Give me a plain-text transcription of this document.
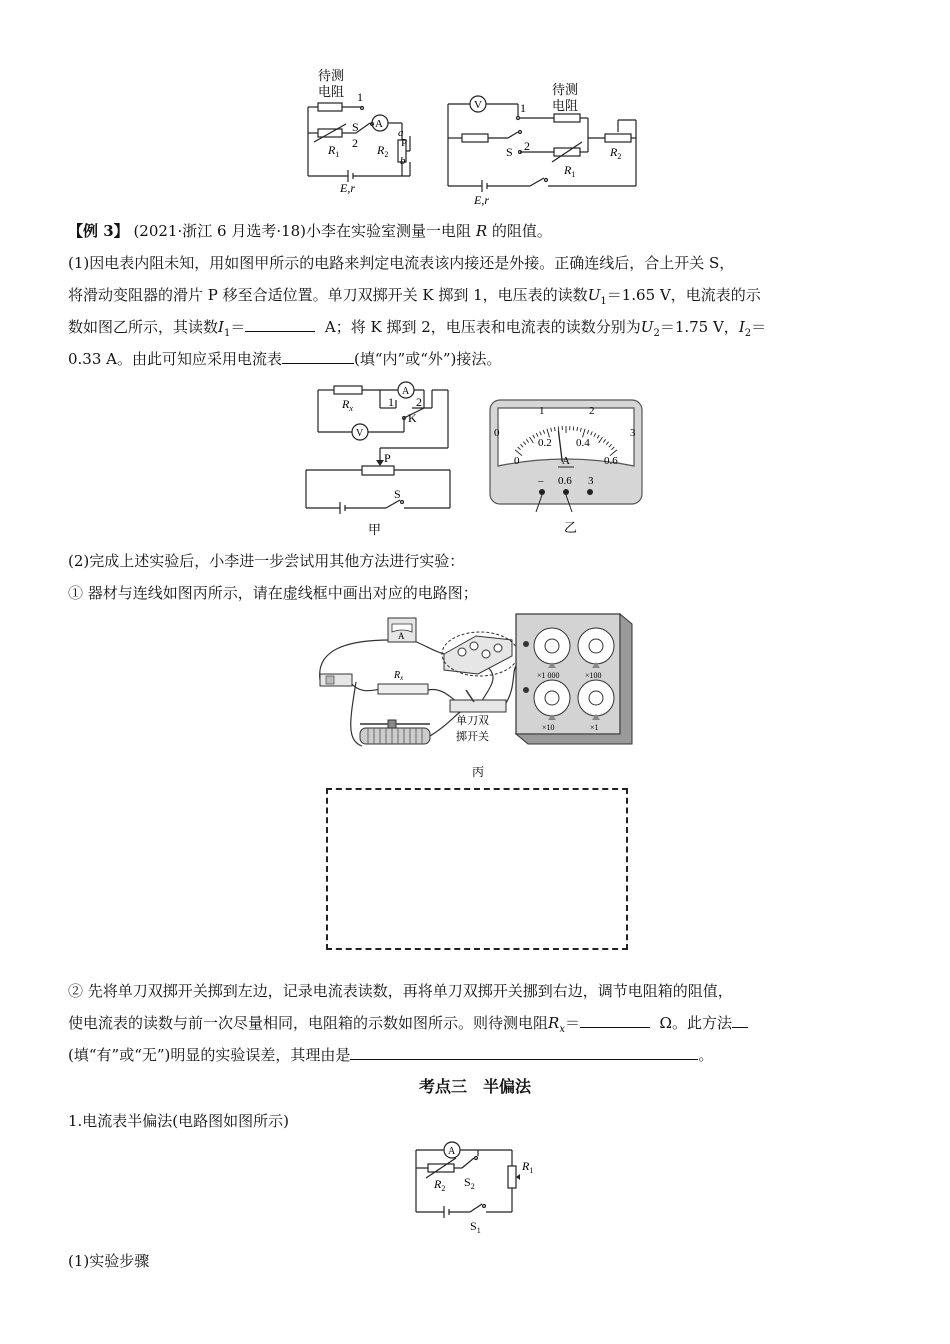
待测
电阻 1
S
2
A
a
P
b
$R_1$	$R_2$
E,r
V	1
待测
电阻
S 2
$R_1$
$R_2$
E,r
【例 3】 (2021·浙江 6 月选考·18)小李在实验室测量一电阻 R 的阻值。
(1)因电表内阻未知，用如图甲所示的电路来判定电流表该内接还是外接。正确连线后，合上开关 S，
将滑动变阻器的滑片 P 移至合适位置。单刀双掷开关 K 掷到 1，电压表的读数$U_1=1.65$ V，电流表的示
数如图乙所示，其读数$I_1=$	A；将 K 掷到 2，电压表和电流表的读数分别为$U_2=1.75$ V，$I_2=$
0.33 A。由此可知应采用电流表	(填“内”或“外”)接法。
A
$R_x$	1 2
K
V
P
S
甲
0
1	2
3
0
0.2 0.4
0.6
A
– 0.6 3
乙
(2)完成上述实验后，小李进一步尝试用其他方法进行实验：
① 器材与连线如图丙所示，请在虚线框中画出对应的电路图；
A
$R_x$
单刀双
掷开关
×1 000	×100
×10	×1
丙
② 先将单刀双掷开关掷到左边，记录电流表读数，再将单刀双掷开关挪到右边，调节电阻箱的阻值，
使电流表的读数与前一次尽量相同，电阻箱的示数如图所示。则待测电阻$R_x=$	Ω。此方法
(填“有”或“无”)明显的实验误差，其理由是	。
考点三　半偏法
1.电流表半偏法(电路图如图所示)
A
$R_2$ $S_2$
$R_1$
$S_1$
(1)实验步骤
